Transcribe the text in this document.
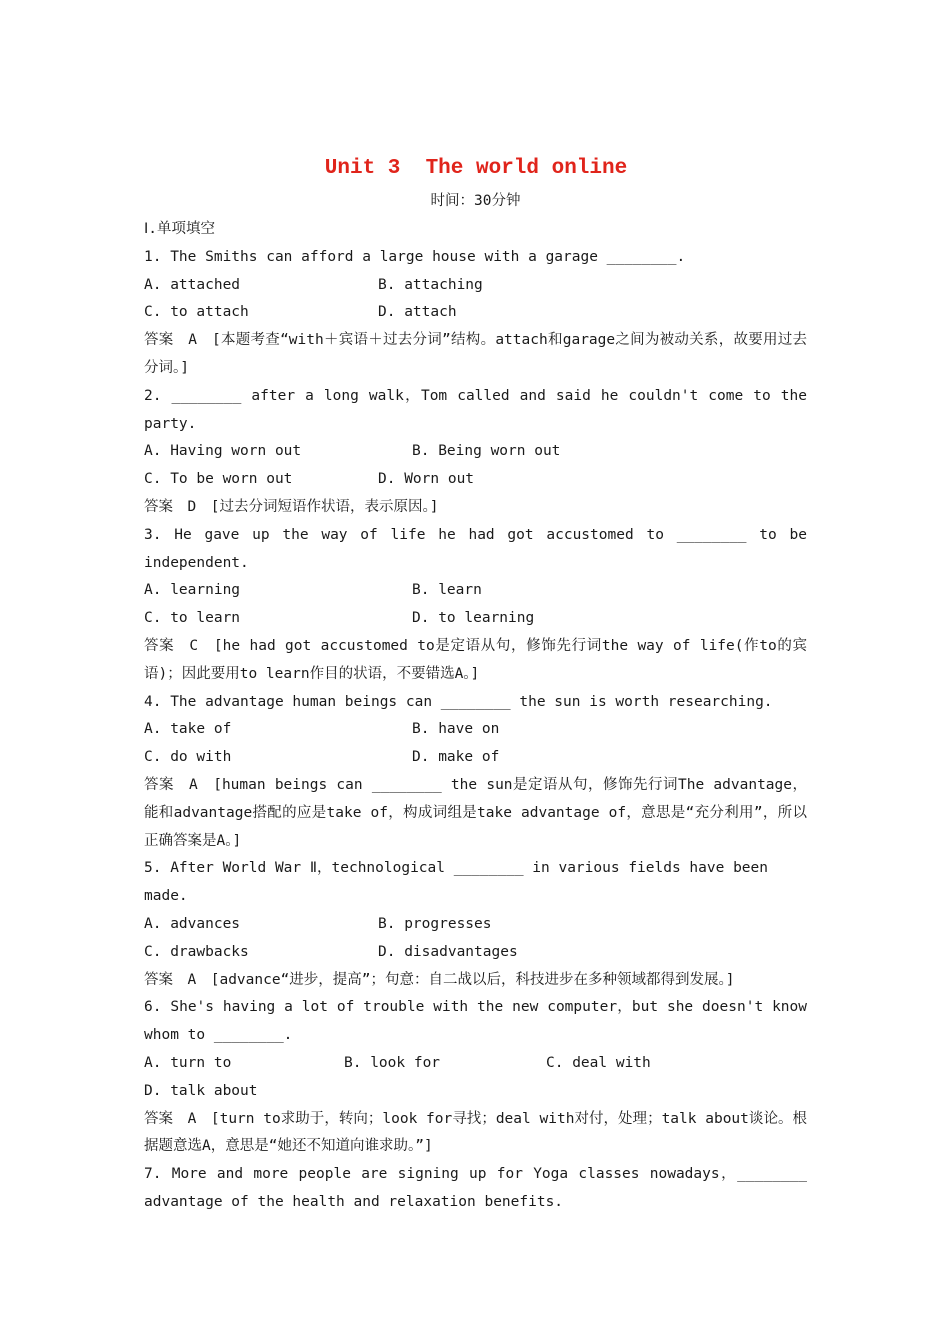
Unit 3  The world online

时间：30分钟

Ⅰ.单项填空

1. The Smiths can afford a large house with a garage ________.

A. attached	B. attaching
C. to attach	D. attach

答案　A　[本题考查“with＋宾语＋过去分词”结构。attach和garage之间为被动关系，故要用过去分词。]

2. ________ after a long walk，Tom called and said he couldn't come to the party.

A. Having worn out	B. Being worn out
C. To be worn out	D. Worn out

答案　D　[过去分词短语作状语，表示原因。]

3. He gave up the way of life he had got accustomed to ________ to be independent.

A. learning	B. learn
C. to learn	D. to learning

答案　C　[he had got accustomed to是定语从句，修饰先行词the way of life(作to的宾语)；因此要用to learn作目的状语，不要错选A。]

4. The advantage human beings can ________ the sun is worth researching.

A. take of	B. have on
C. do with	D. make of

答案　A　[human beings can ________ the sun是定语从句，修饰先行词The advantage，能和advantage搭配的应是take of，构成词组是take advantage of，意思是“充分利用”，所以正确答案是A。]

5. After World War Ⅱ，technological ________ in various fields have been made.

A. advances	B. progresses
C. drawbacks	D. disadvantages

答案　A　[advance“进步，提高”；句意：自二战以后，科技进步在多种领域都得到发展。]

6. She's having a lot of trouble with the new computer，but she doesn't know whom to ________.

A. turn to	B. look for	C. deal with
D. talk about

答案　A　[turn to求助于，转向；look for寻找；deal with对付，处理；talk about谈论。根据题意选A，意思是“她还不知道向谁求助。”]

7. More and more people are signing up for Yoga classes nowadays，________ advantage of the health and relaxation benefits.
